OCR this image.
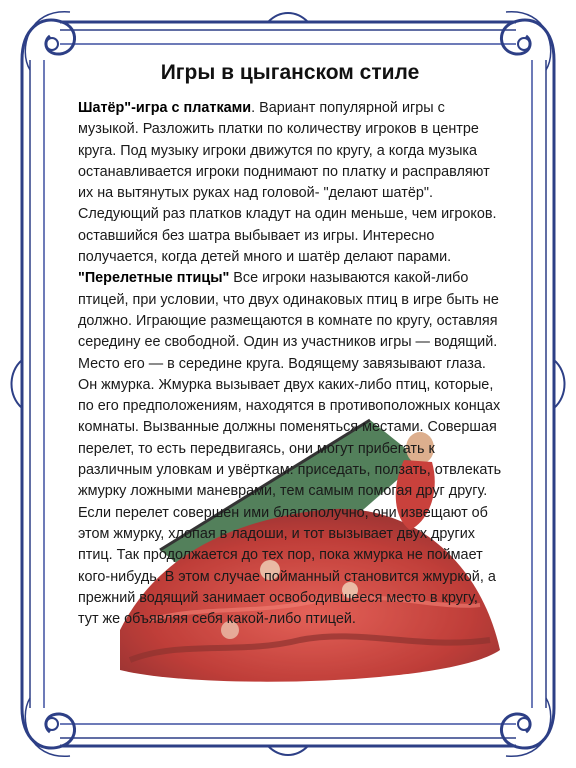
Игры в цыганском стиле

Шатёр"-игра с платками. Вариант популярной игры с музыкой. Разложить платки по количеству игроков в центре круга. Под музыку игроки движутся по кругу, а когда музыка останавливается игроки поднимают по платку и расправляют их на вытянутых руках над головой- "делают шатёр". Следующий раз платков кладут на один меньше, чем игроков. оставшийся без шатра выбывает из игры. Интересно получается, когда детей много и шатёр делают парами.

"Перелетные птицы" Все игроки называются какой-либо птицей, при условии, что двух одинаковых птиц в игре быть не должно. Играющие размещаются в комнате по кругу, оставляя середину ее свободной. Один из участников игры — водящий. Место его — в середине круга. Водящему завязывают глаза. Он жмурка. Жмурка вызывает двух каких-либо птиц, которые, по его предположениям, находятся в противоположных концах комнаты. Вызванные должны поменяться местами. Совершая перелет, то есть передвигаясь, они могут прибегать к различным уловкам и увёрткам: приседать, ползать, отвлекать жмурку ложными маневрами, тем самым помогая друг другу. Если перелет совершен ими благополучно, они извещают об этом жмурку, хлопая в ладоши, и тот вызывает двух других птиц. Так продолжается до тех пор, пока жмурка не поймает кого-нибудь. В этом случае пойманный становится жмуркой, а прежний водящий занимает освободившееся место в кругу, тут же объявляя себя какой-либо птицей.
